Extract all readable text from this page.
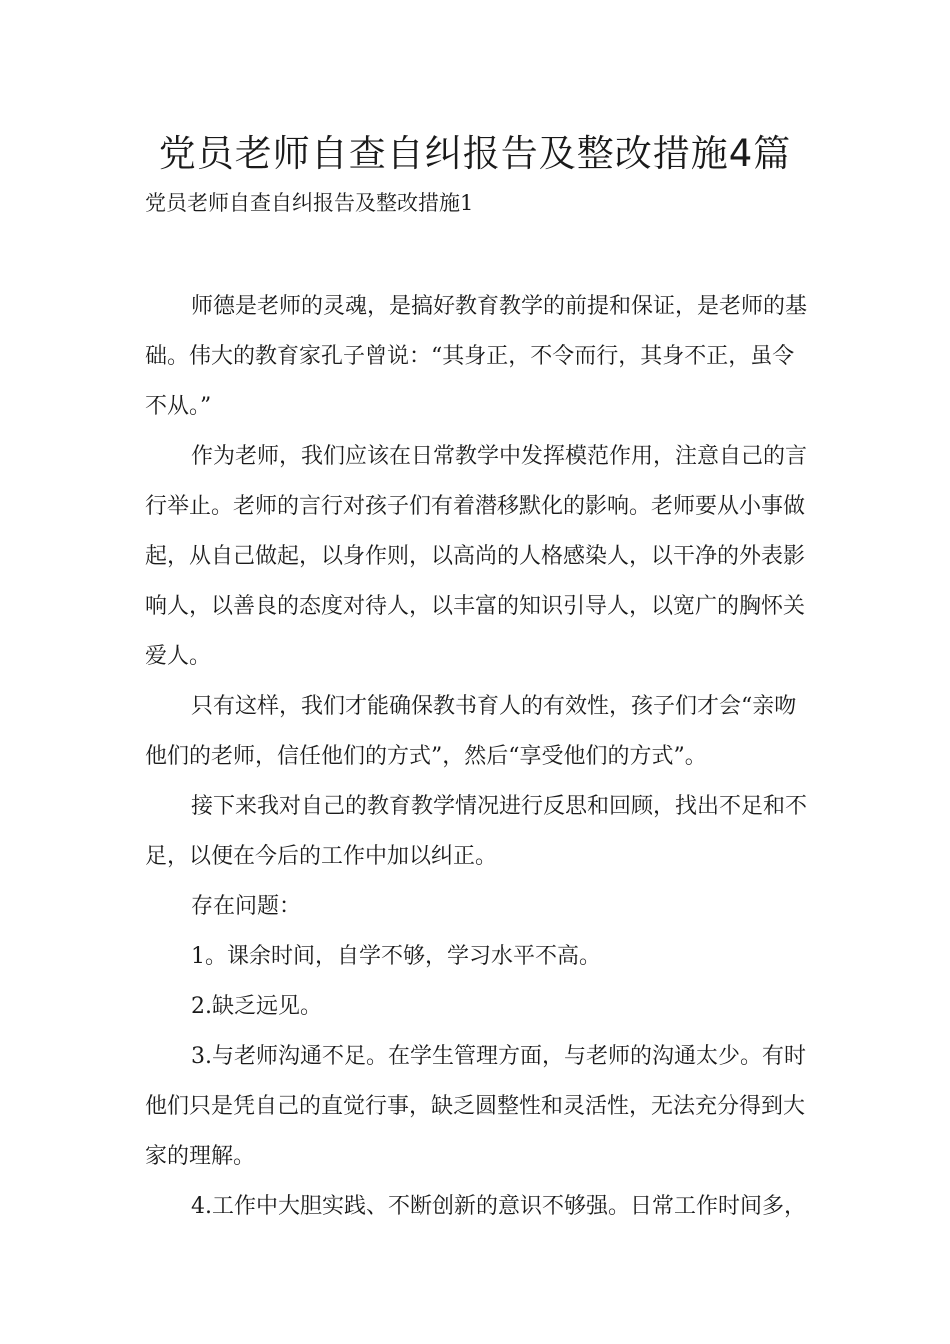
党员老师自查自纠报告及整改措施4篇

党员老师自查自纠报告及整改措施1

师德是老师的灵魂，是搞好教育教学的前提和保证，是老师的基础。伟大的教育家孔子曾说：“其身正，不令而行，其身不正，虽令不从。”

作为老师，我们应该在日常教学中发挥模范作用，注意自己的言行举止。老师的言行对孩子们有着潜移默化的影响。老师要从小事做起，从自己做起，以身作则，以高尚的人格感染人，以干净的外表影响人，以善良的态度对待人，以丰富的知识引导人，以宽广的胸怀关爱人。

只有这样，我们才能确保教书育人的有效性，孩子们才会“亲吻他们的老师，信任他们的方式”，然后“享受他们的方式”。

接下来我对自己的教育教学情况进行反思和回顾，找出不足和不足，以便在今后的工作中加以纠正。

存在问题：

1。课余时间，自学不够，学习水平不高。

2.缺乏远见。

3.与老师沟通不足。在学生管理方面，与老师的沟通太少。有时他们只是凭自己的直觉行事，缺乏圆整性和灵活性，无法充分得到大家的理解。

4.工作中大胆实践、不断创新的意识不够强。日常工作时间多，
